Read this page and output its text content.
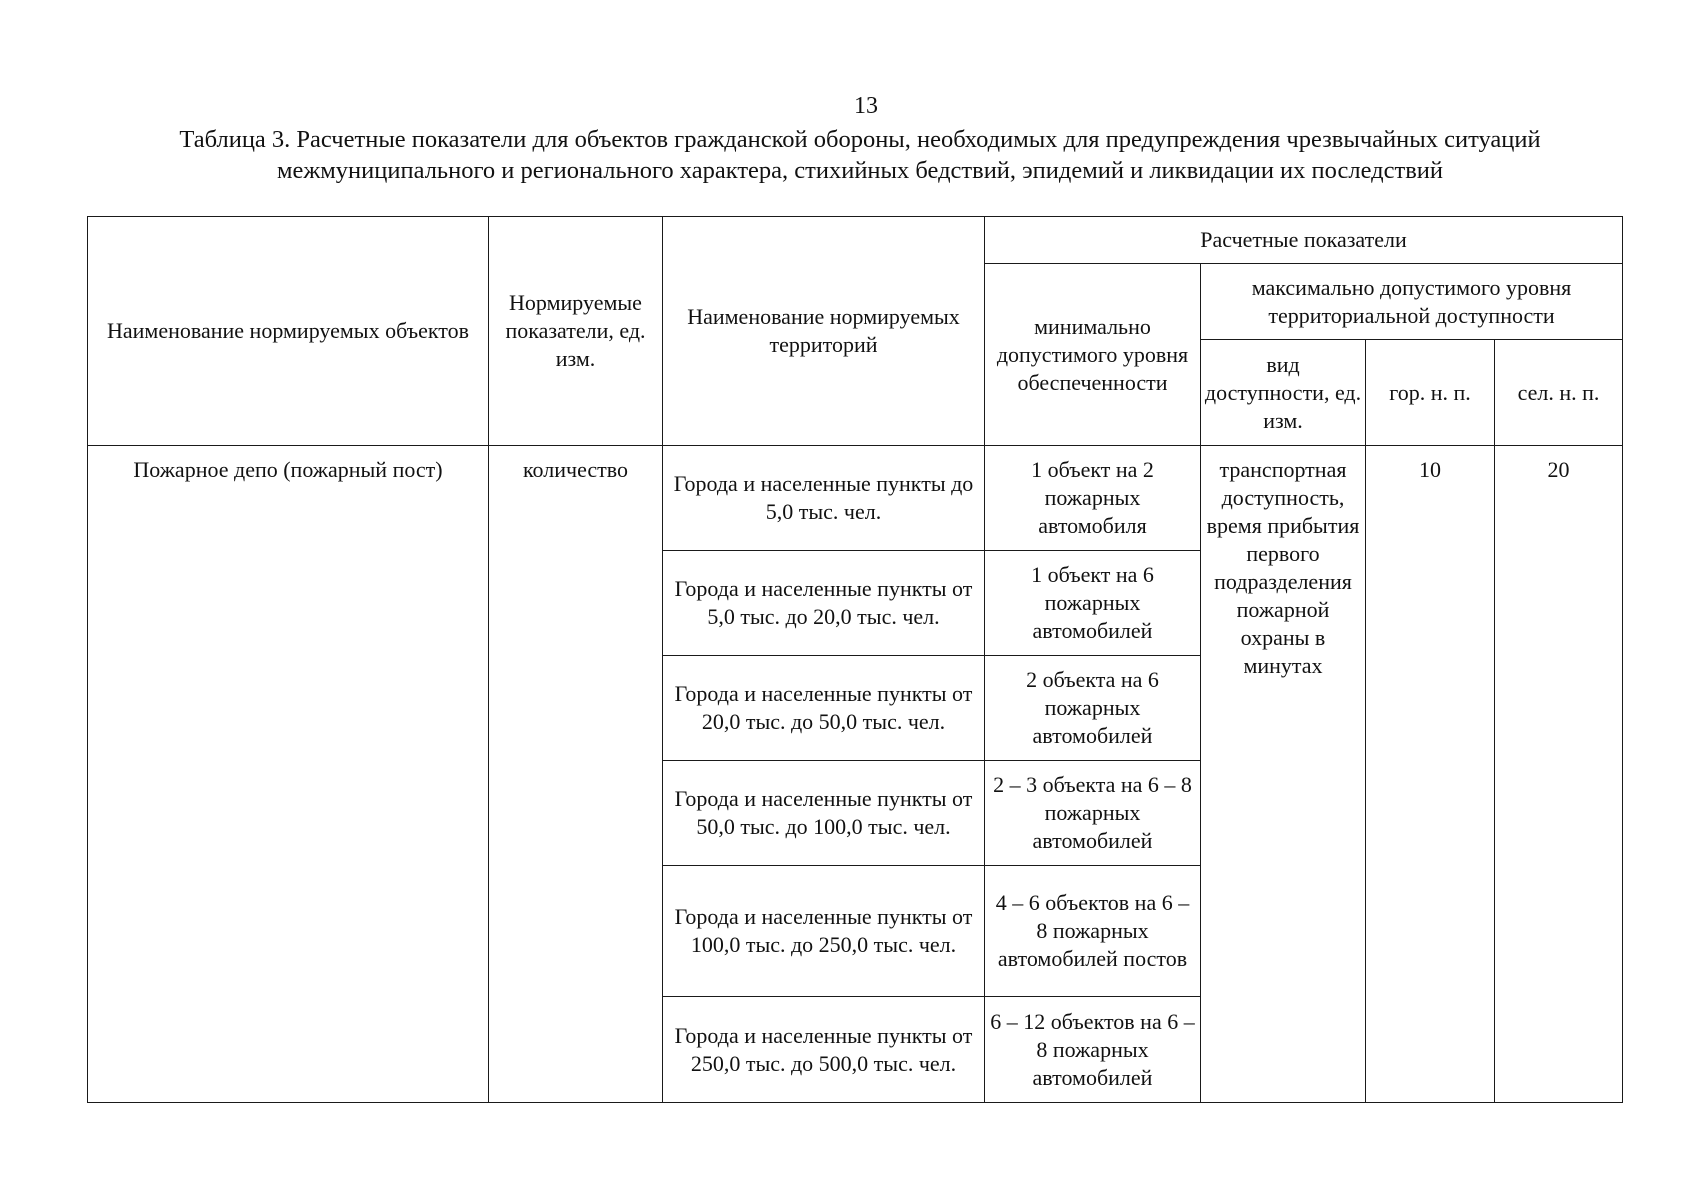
13
Таблица 3. Расчетные показатели для объектов гражданской обороны, необходимых для предупреждения чрезвычайных ситуаций межмуниципального и регионального характера, стихийных бедствий, эпидемий и ликвидации их последствий
Наименование нормируемых объектов	Нормируемые показатели, ед. изм.	Наименование нормируемых территорий	Расчетные показатели			
			минимально допустимого уровня обеспеченности	максимально допустимого уровня территориальной доступности		
				вид доступности, ед. изм.	гор. н. п.	сел. н. п.
Пожарное депо (пожарный пост)	количество	Города и населенные пункты до 5,0 тыс. чел.	1 объект на 2 пожарных автомобиля	транспортная доступность, время прибытия первого подразделения пожарной охраны в минутах	10	20
		Города и населенные пункты от 5,0 тыс. до 20,0 тыс. чел.	1 объект на 6 пожарных автомобилей			
		Города и населенные пункты от 20,0 тыс. до 50,0 тыс. чел.	2 объекта на 6 пожарных автомобилей			
		Города и населенные пункты от 50,0 тыс. до 100,0 тыс. чел.	2 – 3 объекта на 6 – 8 пожарных автомобилей			
		Города и населенные пункты от 100,0 тыс. до 250,0 тыс. чел.	4 – 6 объектов на 6 – 8 пожарных автомобилей постов			
		Города и населенные пункты от 250,0 тыс. до 500,0 тыс. чел.	6 – 12 объектов на 6 – 8 пожарных автомобилей			
